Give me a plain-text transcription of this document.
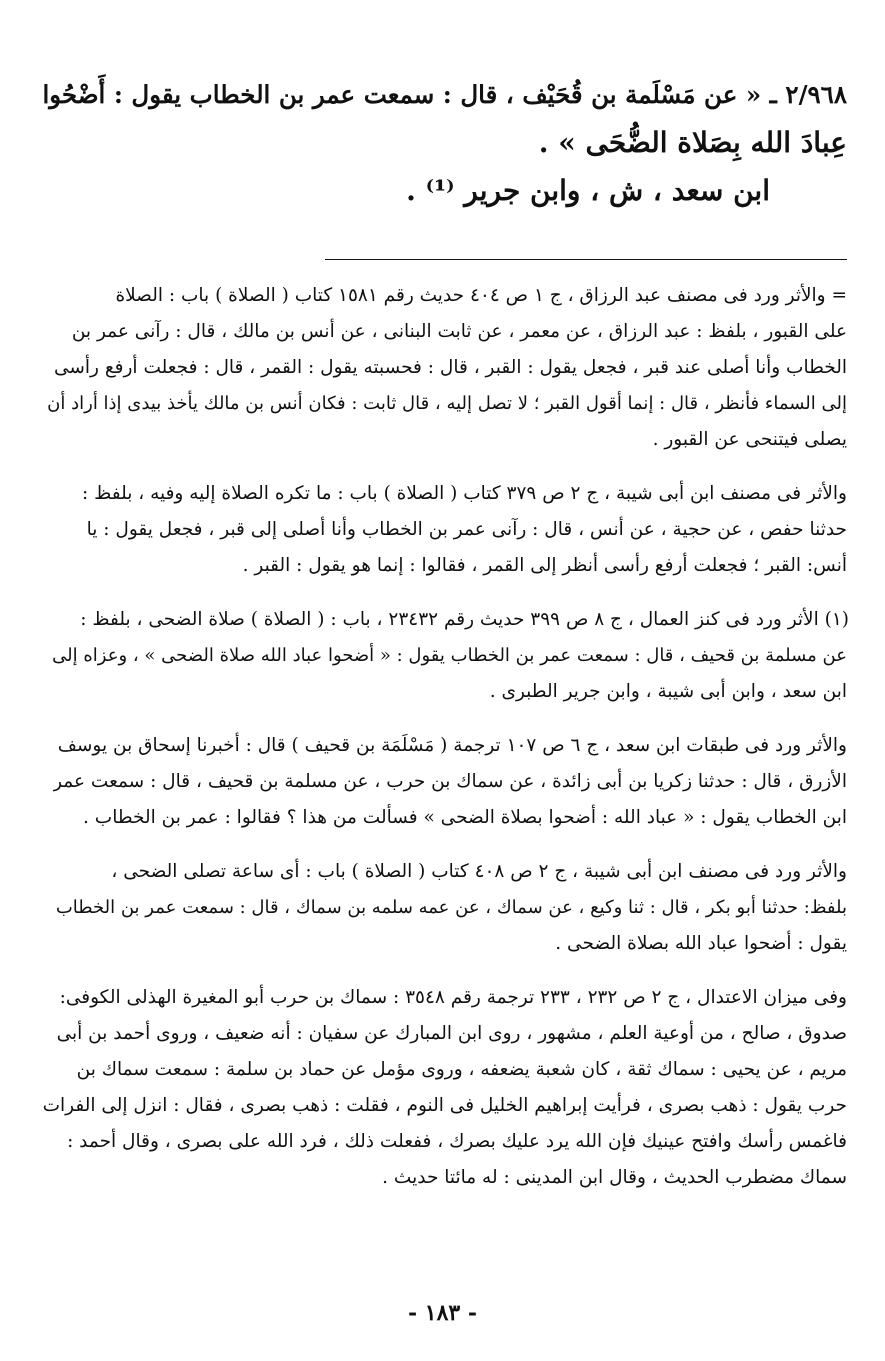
٢/٩٦٨ ـ « عن مَسْلَمة بن قُحَيْف ، قال : سمعت عمر بن الخطاب يقول : أَضْحُوا
عِبادَ الله بِصَلاة الضُّحَى » .
ابن سعد ، ش ، وابن جرير ⁽¹⁾ .
= والأثر ورد فى مصنف عبد الرزاق ، ج ١ ص ٤٠٤ حديث رقم ١٥٨١ كتاب ( الصلاة ) باب : الصلاة
على القبور ، بلفظ : عبد الرزاق ، عن معمر ، عن ثابت البنانى ، عن أنس بن مالك ، قال : رآنى عمر بن
الخطاب وأنا أصلى عند قبر ، فجعل يقول : القبر ، قال : فحسبته يقول : القمر ، قال : فجعلت أرفع رأسى
إلى السماء فأنظر ، قال : إنما أقول القبر ؛ لا تصل إليه ، قال ثابت : فكان أنس بن مالك يأخذ بيدى إذا أراد أن
يصلى فيتنحى عن القبور .
والأثر فى مصنف ابن أبى شيبة ، ج ٢ ص ٣٧٩ كتاب ( الصلاة ) باب : ما تكره الصلاة إليه وفيه ، بلفظ :
حدثنا حفص ، عن حجية ، عن أنس ، قال : رآنى عمر بن الخطاب وأنا أصلى إلى قبر ، فجعل يقول : يا
أنس: القبر ؛ فجعلت أرفع رأسى أنظر إلى القمر ، فقالوا : إنما هو يقول : القبر .
(١) الأثر ورد فى كنز العمال ، ج ٨ ص ٣٩٩ حديث رقم ٢٣٤٣٢ ، باب : ( الصلاة ) صلاة الضحى ، بلفظ :
عن مسلمة بن قحيف ، قال : سمعت عمر بن الخطاب يقول : « أضحوا عباد الله صلاة الضحى » ، وعزاه إلى
ابن سعد ، وابن أبى شيبة ، وابن جرير الطبرى .
والأثر ورد فى طبقات ابن سعد ، ج ٦ ص ١٠٧ ترجمة ( مَسْلَمَة بن قحيف ) قال : أخبرنا إسحاق بن يوسف
الأزرق ، قال : حدثنا زكريا بن أبى زائدة ، عن سماك بن حرب ، عن مسلمة بن قحيف ، قال : سمعت عمر
ابن الخطاب يقول : « عباد الله : أضحوا بصلاة الضحى » فسألت من هذا ؟ فقالوا : عمر بن الخطاب .
والأثر ورد فى مصنف ابن أبى شيبة ، ج ٢ ص ٤٠٨ كتاب ( الصلاة ) باب : أى ساعة تصلى الضحى ،
بلفظ: حدثنا أبو بكر ، قال : ثنا وكيع ، عن سماك ، عن عمه سلمه بن سماك ، قال : سمعت عمر بن الخطاب
يقول : أضحوا عباد الله بصلاة الضحى .
وفى ميزان الاعتدال ، ج ٢ ص ٢٣٢ ، ٢٣٣ ترجمة رقم ٣٥٤٨ : سماك بن حرب أبو المغيرة الهذلى الكوفى:
صدوق ، صالح ، من أوعية العلم ، مشهور ، روى ابن المبارك عن سفيان : أنه ضعيف ، وروى أحمد بن أبى
مريم ، عن يحيى : سماك ثقة ، كان شعبة يضعفه ، وروى مؤمل عن حماد بن سلمة : سمعت سماك بن
حرب يقول : ذهب بصرى ، فرأيت إبراهيم الخليل فى النوم ، فقلت : ذهب بصرى ، فقال : انزل إلى الفرات
فاغمس رأسك وافتح عينيك فإن الله يرد عليك بصرك ، ففعلت ذلك ، فرد الله على بصرى ، وقال أحمد :
سماك مضطرب الحديث ، وقال ابن المدينى : له مائتا حديث .
- ١٨٣ -
